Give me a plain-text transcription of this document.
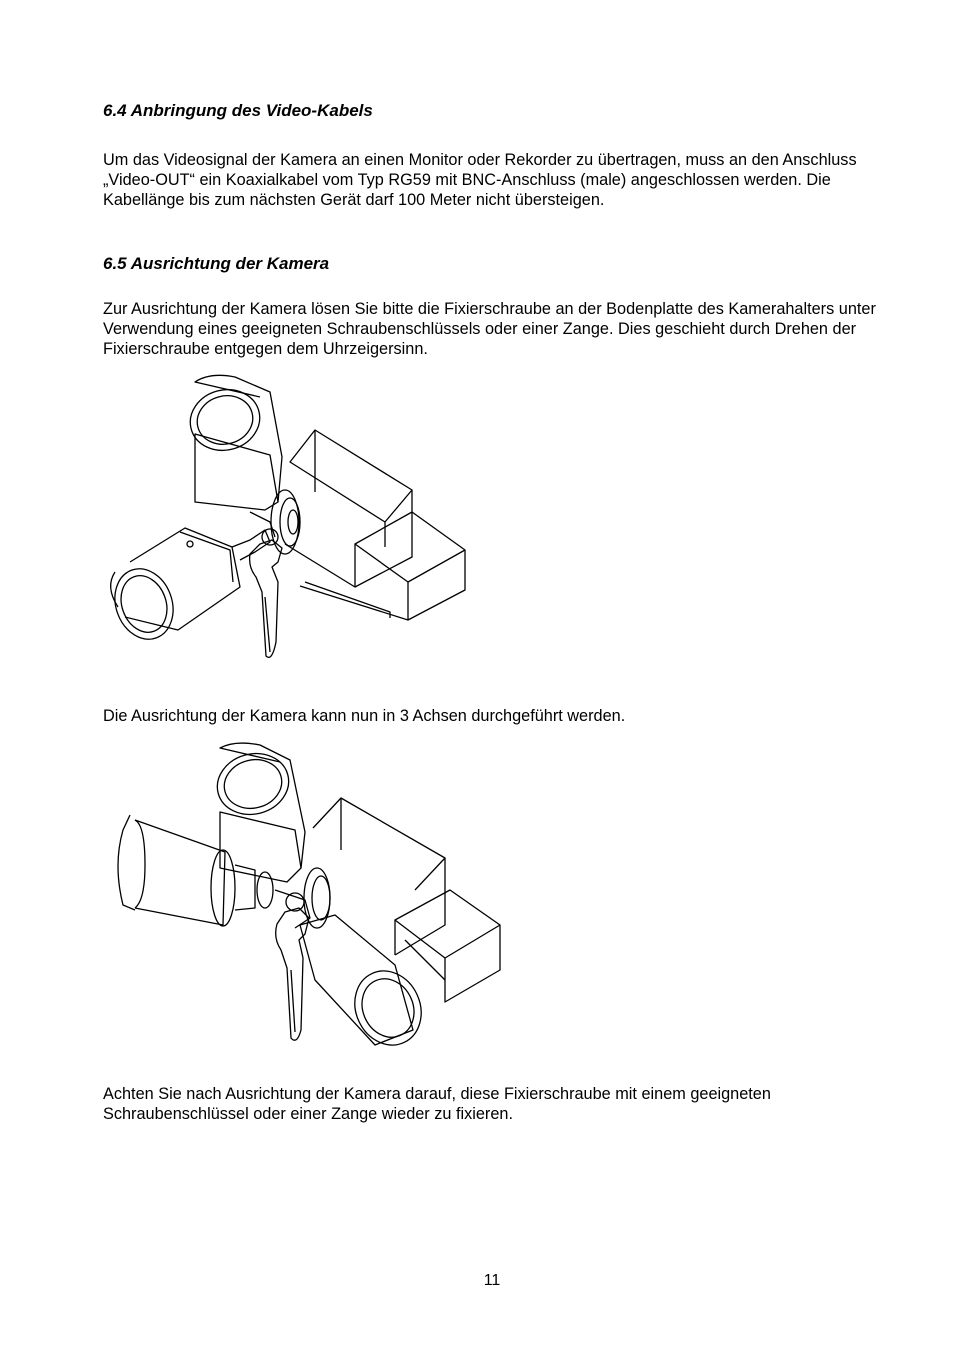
6.4 Anbringung des Video-Kabels

Um das Videosignal der Kamera an einen Monitor oder Rekorder zu übertragen, muss an den Anschluss „Video-OUT“ ein Koaxialkabel vom Typ RG59 mit BNC-Anschluss (male) angeschlossen werden. Die Kabellänge bis zum nächsten Gerät darf 100 Meter nicht übersteigen.

6.5 Ausrichtung der Kamera

Zur Ausrichtung der Kamera lösen Sie bitte die Fixierschraube an der Bodenplatte des Kamerahalters unter Verwendung eines geeigneten Schraubenschlüssels oder einer Zange. Dies geschieht durch Drehen der Fixierschraube entgegen dem Uhrzeigersinn.

Die Ausrichtung der Kamera kann nun in 3 Achsen durchgeführt werden.

Achten Sie nach Ausrichtung der Kamera darauf, diese Fixierschraube mit einem geeigneten Schraubenschlüssel oder einer Zange wieder zu fixieren.

11
